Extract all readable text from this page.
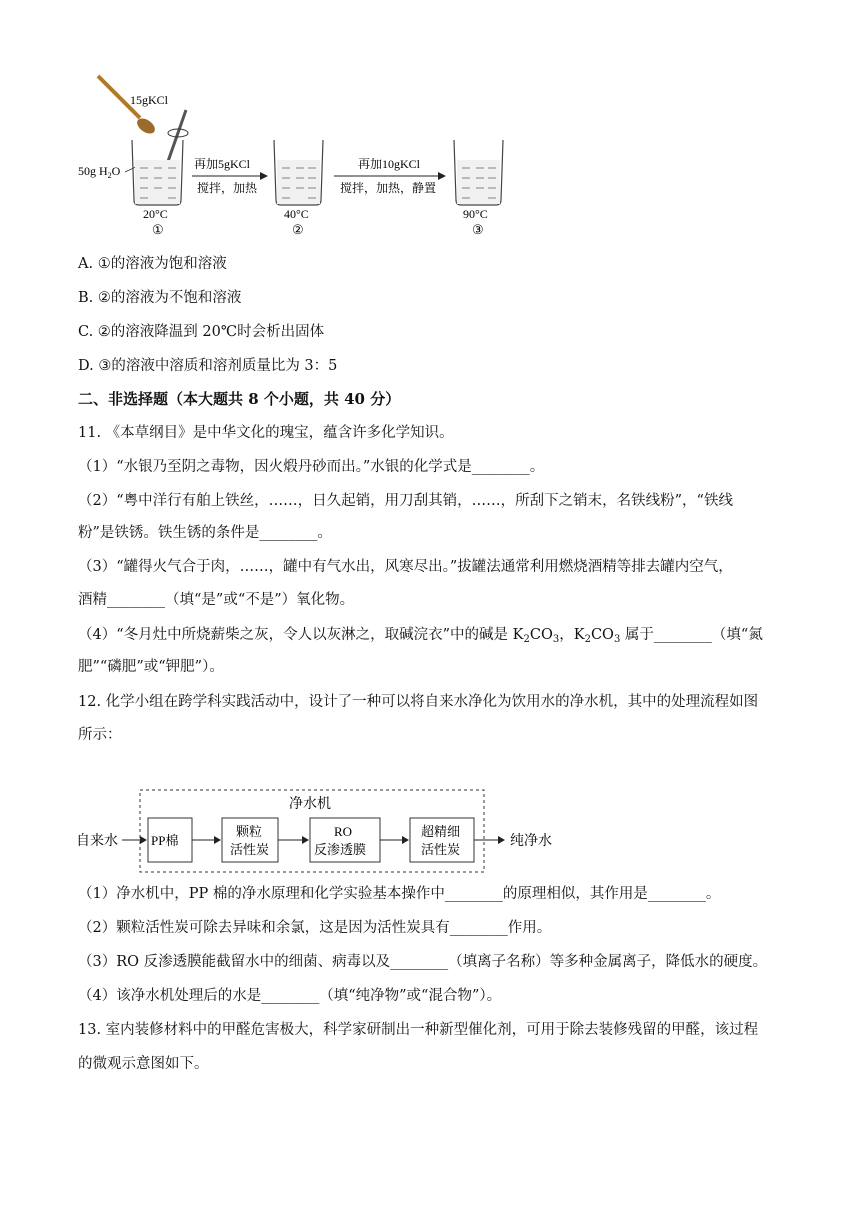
15gKCl
50g $H_2O$
20°C
①
再加5gKCl
搅拌，加热
40°C
②
再加10gKCl
搅拌，加热，静置
90°C
③
A. ①的溶液为饱和溶液
B. ②的溶液为不饱和溶液
C. ②的溶液降温到 20℃时会析出固体
D. ③的溶液中溶质和溶剂质量比为 3：5
二、非选择题（本大题共 8 个小题，共 40 分）
11. 《本草纲目》是中华文化的瑰宝，蕴含许多化学知识。
（1）“水银乃至阴之毒物，因火煅丹砂而出。”水银的化学式是________。
（2）“粤中洋行有舶上铁丝，……，日久起销，用刀刮其销，……，所刮下之销末，名铁线粉”，“铁线
粉”是铁锈。铁生锈的条件是________。
（3）“罐得火气合于肉，……，罐中有气水出，风寒尽出。”拔罐法通常利用燃烧酒精等排去罐内空气，
酒精________（填“是”或“不是”）氧化物。
（4）“冬月灶中所烧薪柴之灰，令人以灰淋之，取碱浣衣”中的碱是 $K_2CO_3$，$K_2CO_3$ 属于________（填“氮
肥”“磷肥”或“钾肥”）。
12. 化学小组在跨学科实践活动中，设计了一种可以将自来水净化为饮用水的净水机，其中的处理流程如图
所示：
净水机
自来水	PP棉
颗粒
活性炭
RO
反渗透膜
超精细
活性炭
纯净水
（1）净水机中，PP 棉的净水原理和化学实验基本操作中________的原理相似，其作用是________。
（2）颗粒活性炭可除去异味和余氯，这是因为活性炭具有________作用。
（3）RO 反渗透膜能截留水中的细菌、病毒以及________（填离子名称）等多种金属离子，降低水的硬度。
（4）该净水机处理后的水是________（填“纯净物”或“混合物”）。
13. 室内装修材料中的甲醛危害极大，科学家研制出一种新型催化剂，可用于除去装修残留的甲醛，该过程
的微观示意图如下。
